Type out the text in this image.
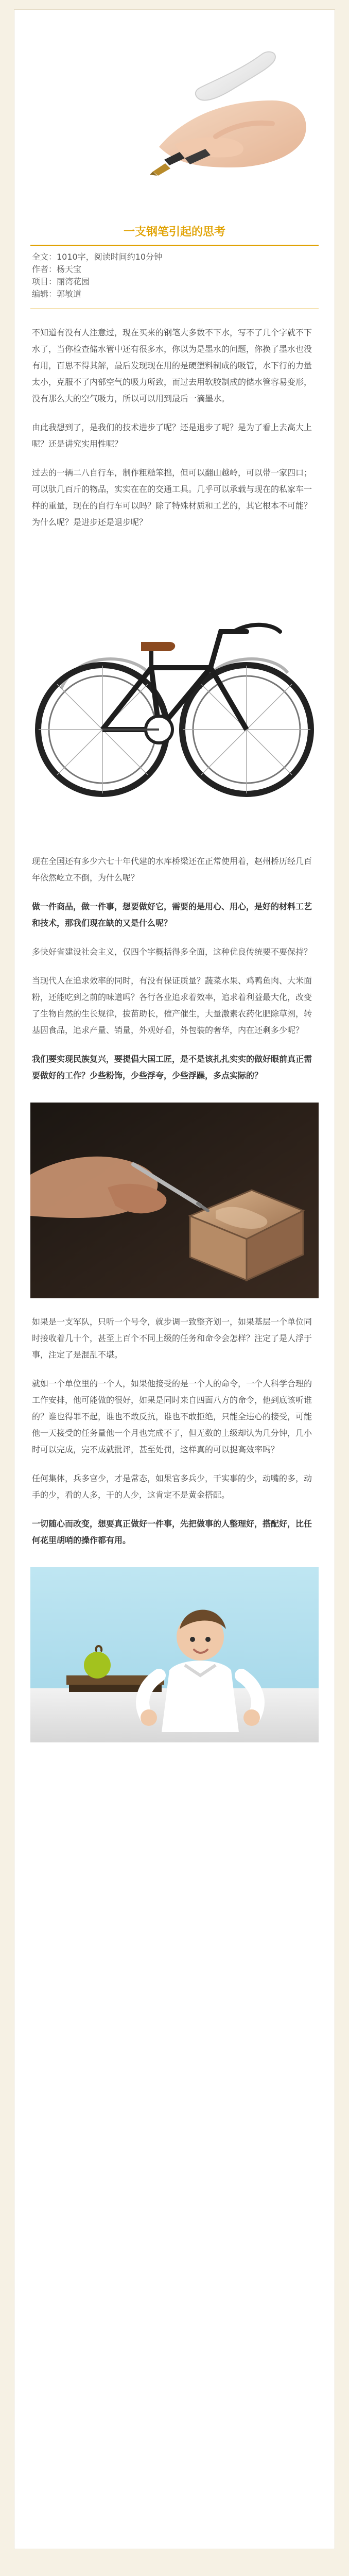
一支钢笔引起的思考
全文：1010字，阅读时间约10分钟
作者：杨天宝
项目：丽湾花园
编辑：郭敏道

不知道有没有人注意过，现在买来的钢笔大多数不下水，写不了几个字就不下水了，当你检查储水管中还有很多水，你以为是墨水的问题，你换了墨水也没有用，百思不得其解，最后发现现在用的是硬塑料制成的吸管，水下行的力量太小，克服不了内部空气的吸力所致，而过去用软胶制成的储水管容易变形，没有那么大的空气吸力，所以可以用到最后一滴墨水。

由此我想到了，是我们的技术进步了呢？还是退步了呢？是为了看上去高大上呢？还是讲究实用性呢？

过去的一辆二八自行车，制作粗糙笨拙，但可以翻山越岭，可以带一家四口；可以驮几百斤的物品，实实在在的交通工具。几乎可以承载与现在的私家车一样的重量，现在的自行车可以吗？除了特殊材质和工艺的，其它根本不可能？为什么呢？是进步还是退步呢？

现在全国还有多少六七十年代建的水库桥梁还在正常使用着，赵州桥历经几百年依然屹立不倒，为什么呢？

做一件商品，做一件事，想要做好它，需要的是用心、用心，是好的材料工艺和技术，那我们现在缺的又是什么呢？

多快好省建设社会主义，仅四个字概括得多全面，这种优良传统要不要保持？

当现代人在追求效率的同时，有没有保证质量？蔬菜水果、鸡鸭鱼肉、大米面粉，还能吃到之前的味道吗？各行各业追求着效率，追求着利益最大化，改变了生物自然的生长规律，拔苗助长，催产催生，大量激素农药化肥除草剂，转基因食品，追求产量、销量，外观好看，外包装的奢华，内在还剩多少呢？

我们要实现民族复兴，要提倡大国工匠，是不是该扎扎实实的做好眼前真正需要做好的工作？少些粉饰，少些浮夸，少些浮躁，多点实际的？

如果是一支军队，只听一个号令，就步调一致整齐划一，如果基层一个单位同时接收着几十个，甚至上百个不同上级的任务和命令会怎样？注定了是人浮于事，注定了是混乱不堪。

就如一个单位里的一个人，如果他接受的是一个人的命令，一个人科学合理的工作安排，他可能做的很好，如果是同时来自四面八方的命令，他到底该听谁的？谁也得罪不起，谁也不敢反抗，谁也不敢拒绝，只能全违心的接受，可能他一天接受的任务量他一个月也完成不了，但无数的上级却认为几分钟，几小时可以完成，完不成就批评，甚至处罚，这样真的可以提高效率吗？

任何集体，兵多官少，才是常态，如果官多兵少，干实事的少，动嘴的多，动手的少，看的人多，干的人少，这肯定不是黄金搭配。

一切随心而改变，想要真正做好一件事，先把做事的人整理好，搭配好，比任何花里胡哨的操作都有用。
